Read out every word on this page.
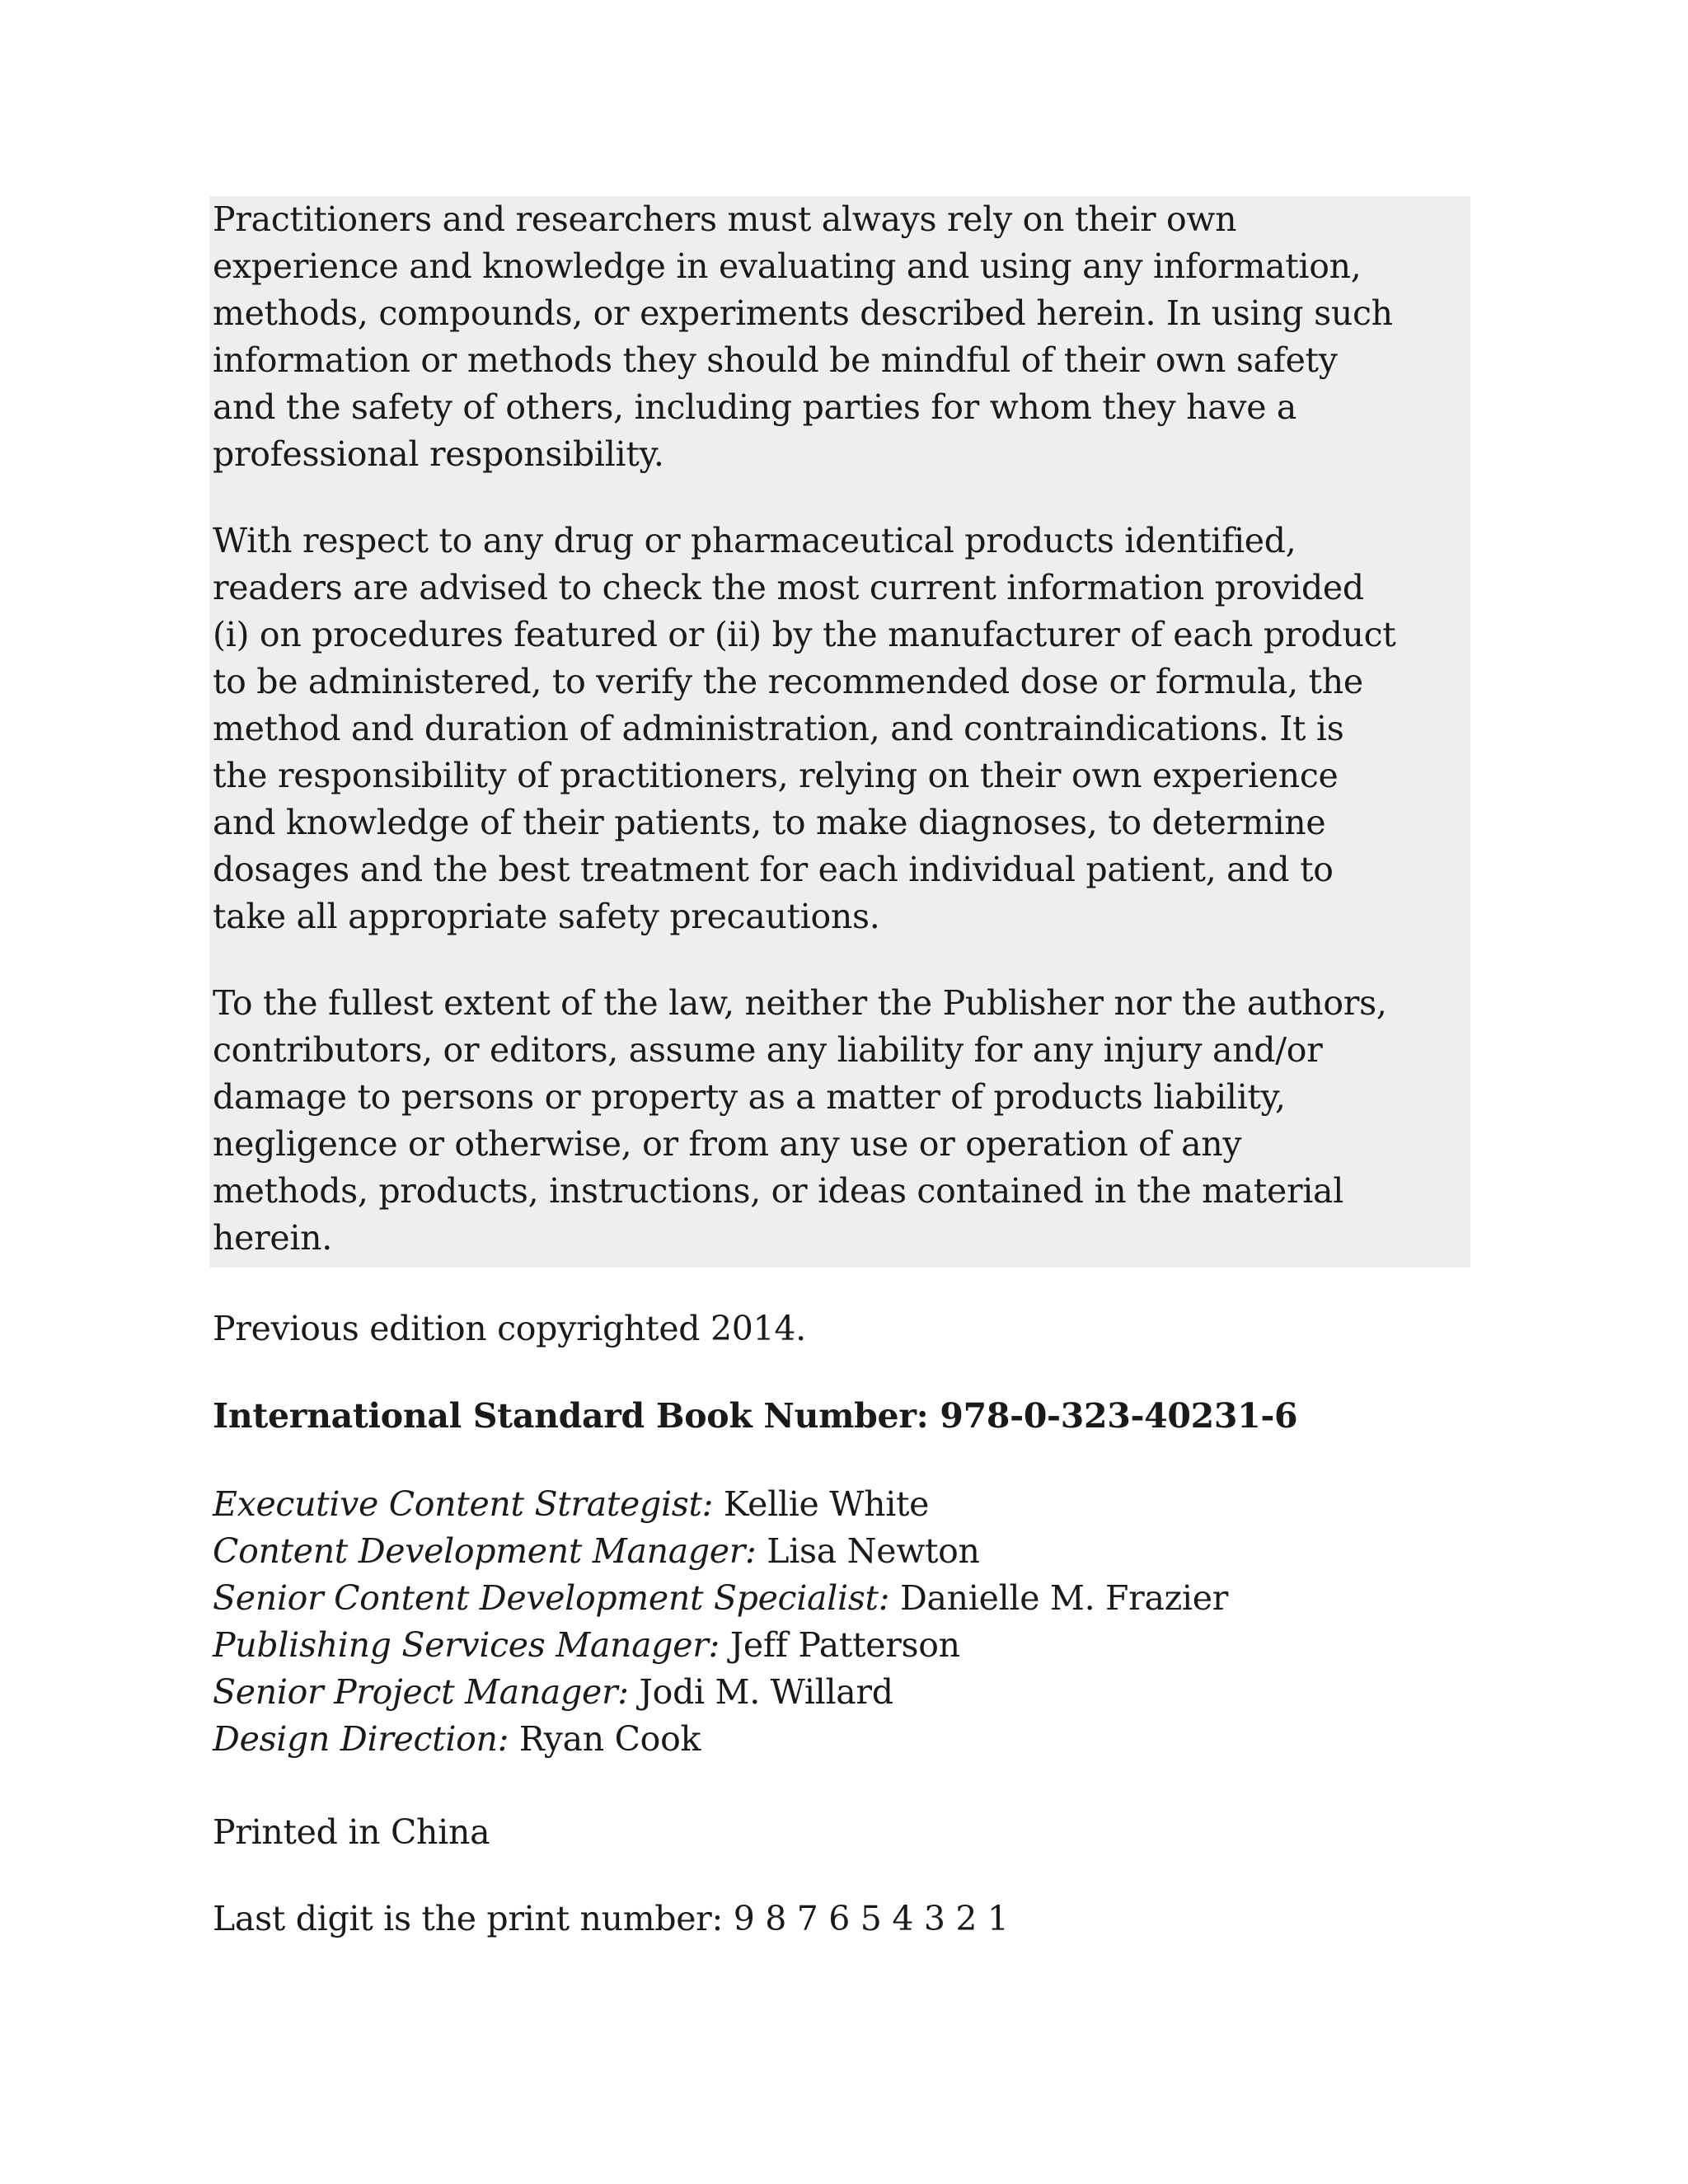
Practitioners and researchers must always rely on their own
experience and knowledge in evaluating and using any information,
methods, compounds, or experiments described herein. In using such
information or methods they should be mindful of their own safety
and the safety of others, including parties for whom they have a
professional responsibility.

With respect to any drug or pharmaceutical products identified,
readers are advised to check the most current information provided
(i) on procedures featured or (ii) by the manufacturer of each product
to be administered, to verify the recommended dose or formula, the
method and duration of administration, and contraindications. It is
the responsibility of practitioners, relying on their own experience
and knowledge of their patients, to make diagnoses, to determine
dosages and the best treatment for each individual patient, and to
take all appropriate safety precautions.

To the fullest extent of the law, neither the Publisher nor the authors,
contributors, or editors, assume any liability for any injury and/or
damage to persons or property as a matter of products liability,
negligence or otherwise, or from any use or operation of any
methods, products, instructions, or ideas contained in the material
herein.

Previous edition copyrighted 2014.

International Standard Book Number: 978-0-323-40231-6

Executive Content Strategist: Kellie White
Content Development Manager: Lisa Newton
Senior Content Development Specialist: Danielle M. Frazier
Publishing Services Manager: Jeff Patterson
Senior Project Manager: Jodi M. Willard
Design Direction: Ryan Cook

Printed in China

Last digit is the print number: 9 8 7 6 5 4 3 2 1
